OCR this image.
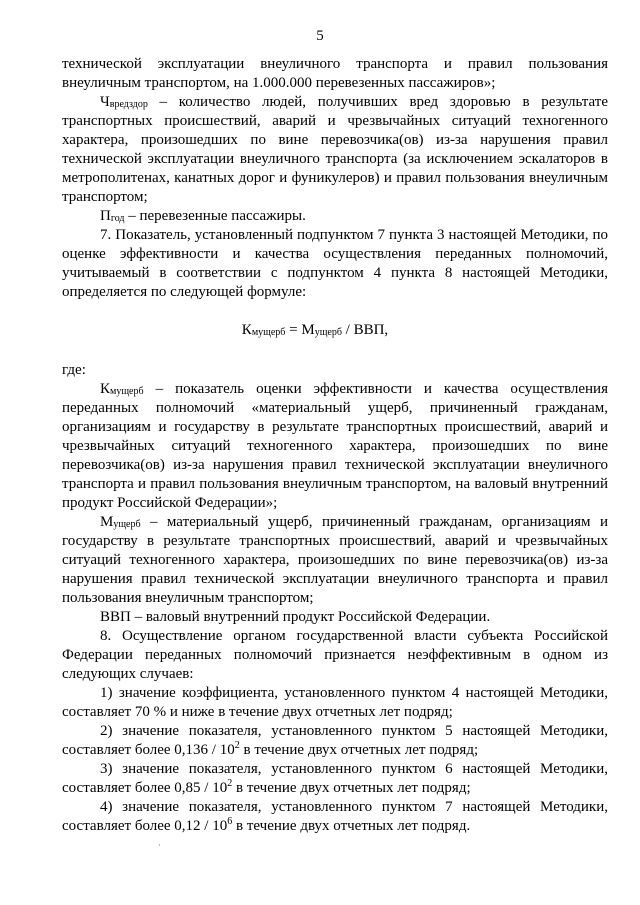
5

технической эксплуатации внеуличного транспорта и правил пользования внеуличным транспортом, на 1.000.000 перевезенных пассажиров»;

$Ч_{вредздор}$ – количество людей, получивших вред здоровью в результате транспортных происшествий, аварий и чрезвычайных ситуаций техногенного характера, произошедших по вине перевозчика(ов) из-за нарушения правил технической эксплуатации внеуличного транспорта (за исключением эскалаторов в метрополитенах, канатных дорог и фуникулеров) и правил пользования внеуличным транспортом;

$П_{год}$ – перевезенные пассажиры.

7. Показатель, установленный подпунктом 7 пункта 3 настоящей Методики, по оценке эффективности и качества осуществления переданных полномочий, учитываемый в соответствии с подпунктом 4 пункта 8 настоящей Методики, определяется по следующей формуле:

$К_{мущерб} = М_{ущерб}$ / ВВП,

где:

$К_{мущерб}$ – показатель оценки эффективности и качества осуществления переданных полномочий «материальный ущерб, причиненный гражданам, организациям и государству в результате транспортных происшествий, аварий и чрезвычайных ситуаций техногенного характера, произошедших по вине перевозчика(ов) из-за нарушения правил технической эксплуатации внеуличного транспорта и правил пользования внеуличным транспортом, на валовый внутренний продукт Российской Федерации»;

$М_{ущерб}$ – материальный ущерб, причиненный гражданам, организациям и государству в результате транспортных происшествий, аварий и чрезвычайных ситуаций техногенного характера, произошедших по вине перевозчика(ов) из-за нарушения правил технической эксплуатации внеуличного транспорта и правил пользования внеуличным транспортом;

ВВП – валовый внутренний продукт Российской Федерации.

8. Осуществление органом государственной власти субъекта Российской Федерации переданных полномочий признается неэффективным в одном из следующих случаев:

1) значение коэффициента, установленного пунктом 4 настоящей Методики, составляет 70 % и ниже в течение двух отчетных лет подряд;

2) значение показателя, установленного пунктом 5 настоящей Методики, составляет более $0,136 / 10^2$ в течение двух отчетных лет подряд;

3) значение показателя, установленного пунктом 6 настоящей Методики, составляет более $0,85 / 10^2$ в течение двух отчетных лет подряд;

4) значение показателя, установленного пунктом 7 настоящей Методики, составляет более $0,12 / 10^6$ в течение двух отчетных лет подряд.

·
